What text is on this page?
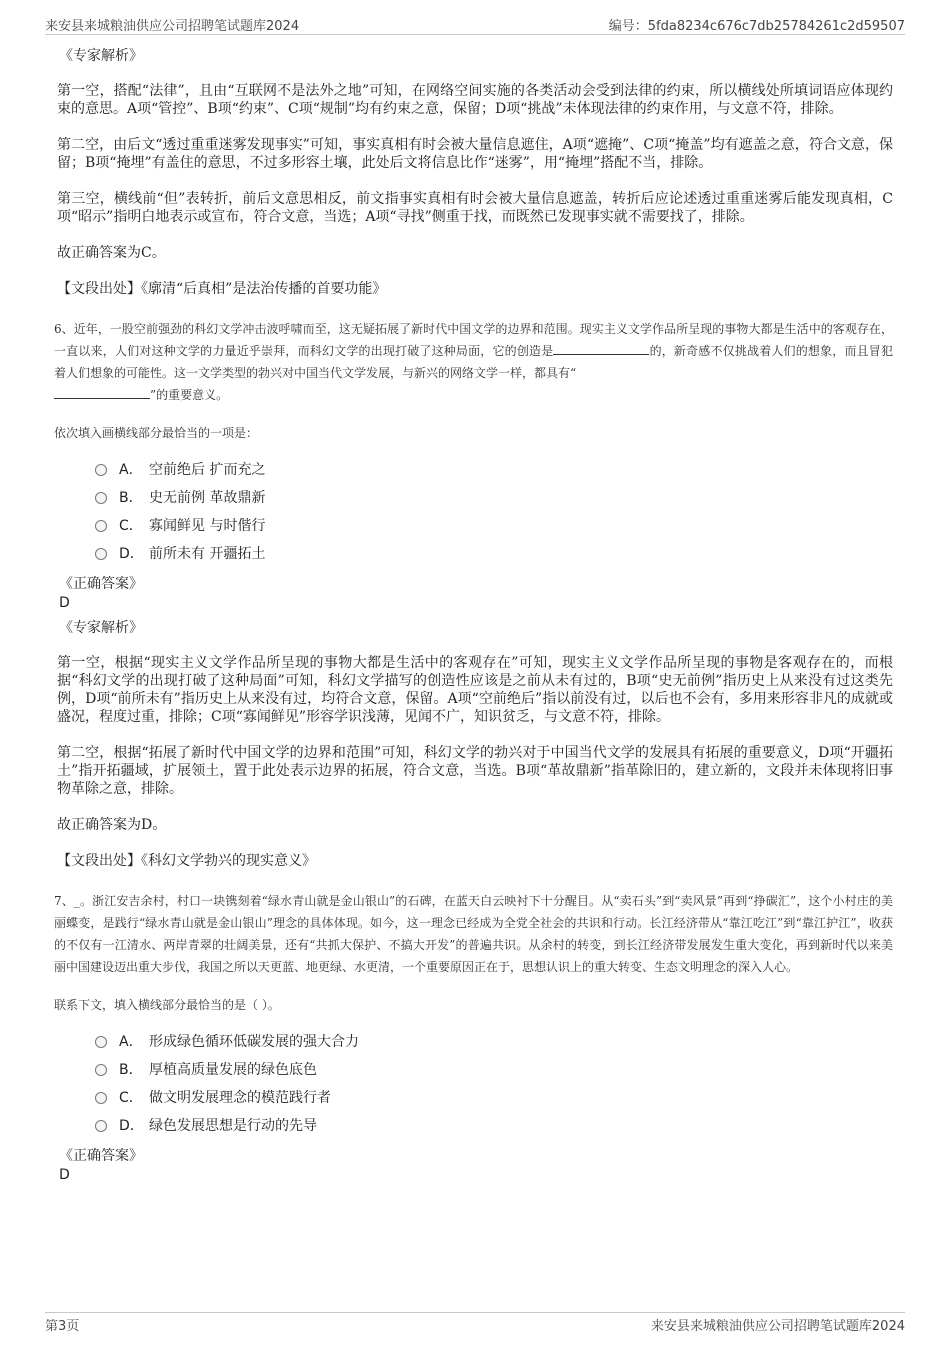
来安县来城粮油供应公司招聘笔试题库2024	编号：5fda8234c676c7db25784261c2d59507
《专家解析》
第一空，搭配“法律”，且由“互联网不是法外之地”可知，在网络空间实施的各类活动会受到法律的约束，所以横线处所填词语应体现约束的意思。A项“管控”、B项“约束”、C项“规制”均有约束之意，保留；D项“挑战”未体现法律的约束作用，与文意不符，排除。
第二空，由后文“透过重重迷雾发现事实”可知，事实真相有时会被大量信息遮住，A项“遮掩”、C项“掩盖”均有遮盖之意，符合文意，保留；B项“掩埋”有盖住的意思，不过多形容土壤，此处后文将信息比作“迷雾”，用“掩埋”搭配不当，排除。
第三空，横线前“但”表转折，前后文意思相反，前文指事实真相有时会被大量信息遮盖，转折后应论述透过重重迷雾后能发现真相，C项“昭示”指明白地表示或宣布，符合文意，当选；A项“寻找”侧重于找，而既然已发现事实就不需要找了，排除。
故正确答案为C。
【文段出处】《廓清“后真相”是法治传播的首要功能》
6、近年，一股空前强劲的科幻文学冲击波呼啸而至，这无疑拓展了新时代中国文学的边界和范围。现实主义文学作品所呈现的事物大都是生活中的客观存在，一直以来，人们对这种文学的力量近乎崇拜，而科幻文学的出现打破了这种局面，它的创造是	的，新奇感不仅挑战着人们的想象，而且冒犯着人们想象的可能性。这一文学类型的勃兴对中国当代文学发展，与新兴的网络文学一样，都具有“
”的重要意义。
依次填入画横线部分最恰当的一项是：
A． 空前绝后 扩而充之
B． 史无前例 革故鼎新
C． 寡闻鲜见 与时偕行
D． 前所未有 开疆拓土
《正确答案》
D
《专家解析》
第一空，根据“现实主义文学作品所呈现的事物大都是生活中的客观存在”可知，现实主义文学作品所呈现的事物是客观存在的，而根据“科幻文学的出现打破了这种局面”可知，科幻文学描写的创造性应该是之前从未有过的，B项“史无前例”指历史上从来没有过这类先例，D项“前所未有”指历史上从来没有过，均符合文意，保留。A项“空前绝后”指以前没有过，以后也不会有，多用来形容非凡的成就或盛况，程度过重，排除；C项“寡闻鲜见”形容学识浅薄，见闻不广，知识贫乏，与文意不符，排除。
第二空，根据“拓展了新时代中国文学的边界和范围”可知，科幻文学的勃兴对于中国当代文学的发展具有拓展的重要意义，D项“开疆拓土”指开拓疆域，扩展领土，置于此处表示边界的拓展，符合文意，当选。B项“革故鼎新”指革除旧的，建立新的，文段并未体现将旧事物革除之意，排除。
故正确答案为D。
【文段出处】《科幻文学勃兴的现实意义》
7、_。浙江安吉余村，村口一块镌刻着“绿水青山就是金山银山”的石碑，在蓝天白云映衬下十分醒目。从“卖石头”到“卖风景”再到“挣碳汇”，这个小村庄的美丽蝶变，是践行“绿水青山就是金山银山”理念的具体体现。如今，这一理念已经成为全党全社会的共识和行动。长江经济带从“靠江吃江”到“靠江护江”，收获的不仅有一江清水、两岸青翠的壮阔美景，还有“共抓大保护、不搞大开发”的普遍共识。从余村的转变，到长江经济带发展发生重大变化，再到新时代以来美丽中国建设迈出重大步伐，我国之所以天更蓝、地更绿、水更清，一个重要原因正在于，思想认识上的重大转变、生态文明理念的深入人心。
联系下文，填入横线部分最恰当的是（ ）。
A． 形成绿色循环低碳发展的强大合力
B． 厚植高质量发展的绿色底色
C． 做文明发展理念的模范践行者
D． 绿色发展思想是行动的先导
《正确答案》
D
第3页	来安县来城粮油供应公司招聘笔试题库2024
